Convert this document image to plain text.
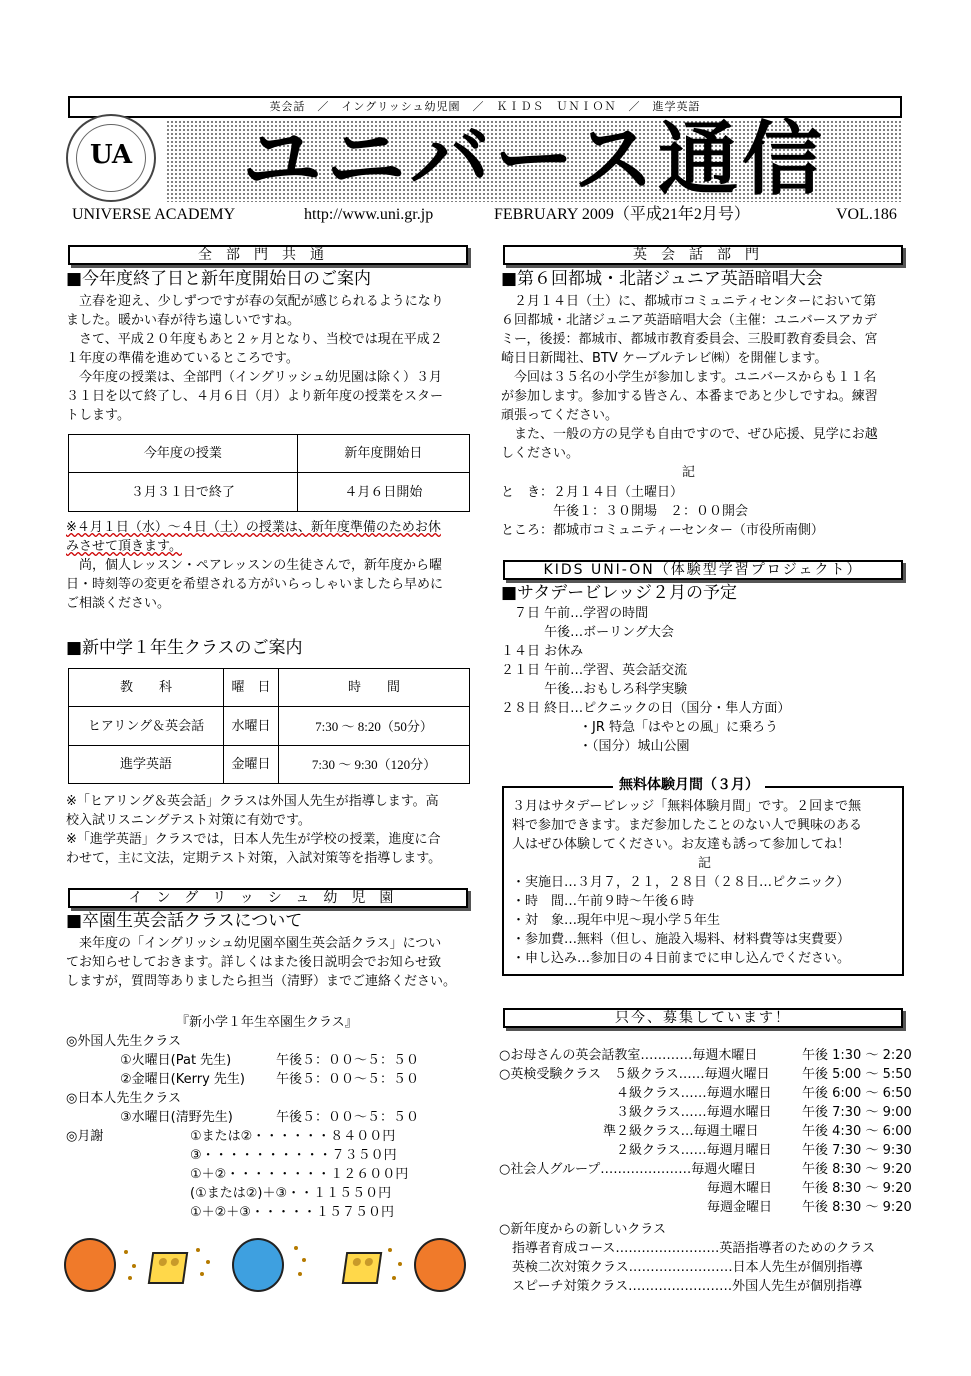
英会話　／　イングリッシュ幼児園　／　ＫＩＤＳ　ＵＮＩＯＮ　／　進学英語
UA	ユニバース通信
UNIVERSE ACADEMY	http://www.uni.gr.jp	FEBRUARY 2009（平成21年2月号）	VOL.186
全部門共通
■今年度終了日と新年度開始日のご案内
　立春を迎え、少しずつですが春の気配が感じられるようになり
ました。暖かい春が待ち遠しいですね。
　さて、平成２０年度もあと２ヶ月となり、当校では現在平成２
１年度の準備を進めているところです。
　今年度の授業は、全部門（イングリッシュ幼児園は除く）３月
３１日を以て終了し、４月６日（月）より新年度の授業をスター
トします。
今年度の授業	新年度開始日
３月３１日で終了	４月６日開始
※４月１日（水）～４日（土）の授業は、新年度準備のためお休
みさせて頂きます。
　尚，個人レッスン・ペアレッスンの生徒さんで，新年度から曜
日・時刻等の変更を希望される方がいらっしゃいましたら早めに
ご相談ください。
■新中学１年生クラスのご案内
教　　科	曜　日	時　　間
ヒアリング＆英会話	水曜日	7:30 ～ 8:20（50分）
進学英語	金曜日	7:30 ～ 9:30（120分）
※「ヒアリング＆英会話」クラスは外国人先生が指導します。高
校入試リスニングテスト対策に有効です。
※「進学英語」クラスでは，日本人先生が学校の授業，進度に合
わせて，主に文法，定期テスト対策，入試対策等を指導します。
イングリッシュ幼児園
■卒園生英会話クラスについて
　来年度の「イングリッシュ幼児園卒園生英会話クラス」につい
てお知らせしておきます。詳しくはまた後日説明会でお知らせ致
しますが，質問等ありましたら担当（清野）までご連絡ください。
『新小学１年生卒園生クラス』
◎外国人先生クラス
①火曜日(Pat 先生)	午後５：００～５：５０
②金曜日(Kerry 先生) 午後５：００～５：５０
◎日本人先生クラス
③水曜日(清野先生)	午後５：００～５：５０
◎月謝	①または②・・・・・・８４００円
③・・・・・・・・・・７３５０円
①＋②・・・・・・・・１２６００円
(①または②)＋③・・１１５５０円
①＋②＋③・・・・・１５７５０円
英会話部門
■第６回都城・北諸ジュニア英語暗唱大会
　２月１４日（土）に、都城市コミュニティセンターにおいて第
６回都城・北諸ジュニア英語暗唱大会（主催：ユニバースアカデ
ミー，後援：都城市、都城市教育委員会、三股町教育委員会、宮
崎日日新聞社、BTV ケーブルテレビ㈱）を開催します。
　今回は３５名の小学生が参加します。ユニバースからも１１名
が参加します。参加する皆さん、本番まであと少しですね。練習
頑張ってください。
　また、一般の方の見学も自由ですので、ぜひ応援、見学にお越
しください。
記
と　き：２月１４日（土曜日）
　　　　午後１：３０開場　２：００開会
ところ：都城市コミュニティーセンター（市役所南側）
KIDS UNI-ON（体験型学習プロジェクト）
■サタデービレッジ２月の予定
　７日 午前…学習の時間
　　　 午後…ボーリング大会
１４日 お休み
２１日 午前…学習、英会話交流
　　　 午後…おもしろ科学実験
２８日 終日…ピクニックの日（国分・隼人方面）
　　　　　　・JR 特急「はやとの風」に乗ろう
　　　　　　・（国分）城山公園
無料体験月間（３月）
３月はサタデービレッジ「無料体験月間」です。２回まで無
料で参加できます。まだ参加したことのない人で興味のある
人はぜひ体験してください。お友達も誘って参加してね！
記
・実施日…３月７，２１，２８日（２８日…ピクニック）
・時　間…午前９時～午後６時
・対　象…現年中児～現小学５年生
・参加費…無料（但し、施設入場料、材料費等は実費要）
・申し込み…参加日の４日前までに申し込んでください。
只今、募集しています！
○お母さんの英会話教室…………毎週木曜日	午後 1:30 ～ 2:20
○英検受験クラス　５級クラス……毎週火曜日 午後 5:00 ～ 5:50
　　　　　　　　　４級クラス……毎週水曜日 午後 6:00 ～ 6:50
　　　　　　　　　３級クラス……毎週水曜日 午後 7:30 ～ 9:00
　　　　　　　　準２級クラス…毎週土曜日	午後 4:30 ～ 6:00
　　　　　　　　　２級クラス……毎週月曜日 午後 7:30 ～ 9:30
○社会人グループ…………………毎週火曜日	午後 8:30 ～ 9:20
　　　　　　　　　　　　　　　　毎週木曜日 午後 8:30 ～ 9:20
　　　　　　　　　　　　　　　　毎週金曜日 午後 8:30 ～ 9:20
○新年度からの新しいクラス
　指導者育成コース……………………英語指導者のためのクラス
　英検二次対策クラス……………………日本人先生が個別指導
　スピーチ対策クラス……………………外国人先生が個別指導
